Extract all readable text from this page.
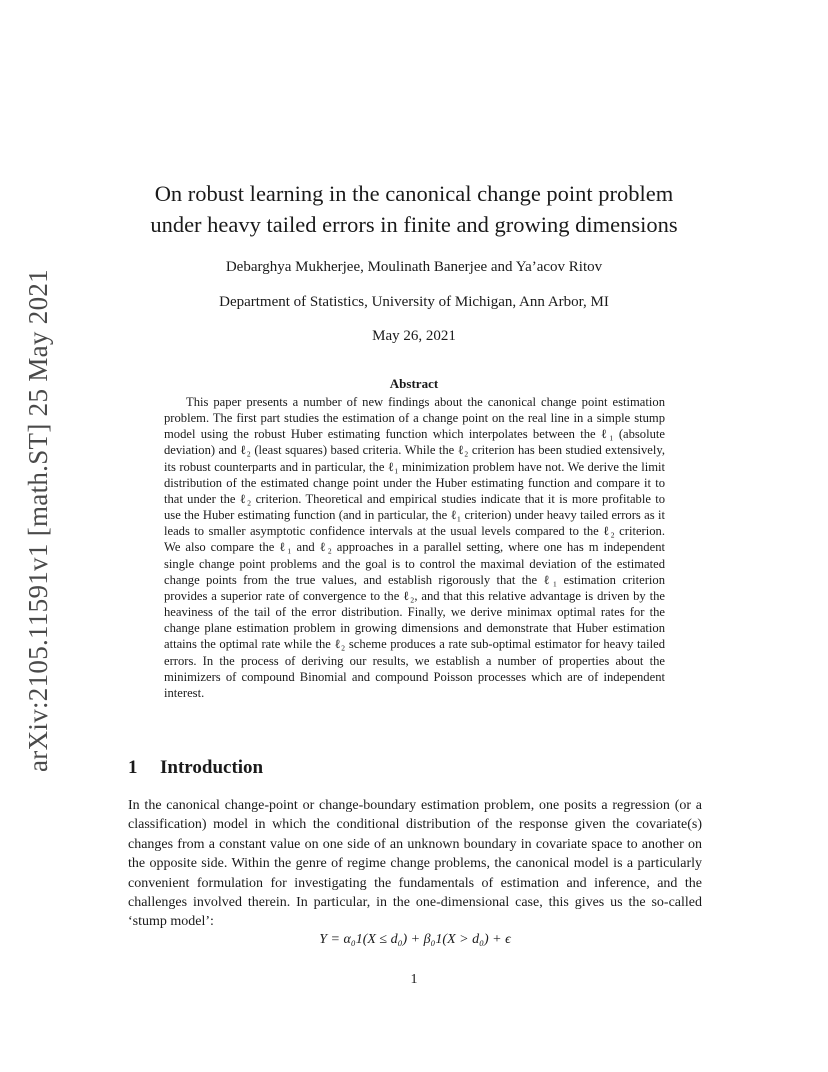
arXiv:2105.11591v1 [math.ST] 25 May 2021
On robust learning in the canonical change point problem
under heavy tailed errors in finite and growing dimensions
Debarghya Mukherjee, Moulinath Banerjee and Ya’acov Ritov
Department of Statistics, University of Michigan, Ann Arbor, MI
May 26, 2021
Abstract
This paper presents a number of new findings about the canonical change point estimation problem. The first part studies the estimation of a change point on the real line in a simple stump model using the robust Huber estimating function which interpolates between the ℓ₁ (absolute deviation) and ℓ₂ (least squares) based criteria. While the ℓ₂ criterion has been studied extensively, its robust counterparts and in particular, the ℓ₁ minimization problem have not. We derive the limit distribution of the estimated change point under the Huber estimating function and compare it to that under the ℓ₂ criterion. Theoretical and empirical studies indicate that it is more profitable to use the Huber estimating function (and in particular, the ℓ₁ criterion) under heavy tailed errors as it leads to smaller asymptotic confidence intervals at the usual levels compared to the ℓ₂ criterion. We also compare the ℓ₁ and ℓ₂ approaches in a parallel setting, where one has m independent single change point problems and the goal is to control the maximal deviation of the estimated change points from the true values, and establish rigorously that the ℓ₁ estimation criterion provides a superior rate of convergence to the ℓ₂, and that this relative advantage is driven by the heaviness of the tail of the error distribution. Finally, we derive minimax optimal rates for the change plane estimation problem in growing dimensions and demonstrate that Huber estimation attains the optimal rate while the ℓ₂ scheme produces a rate sub-optimal estimator for heavy tailed errors. In the process of deriving our results, we establish a number of properties about the minimizers of compound Binomial and compound Poisson processes which are of independent interest.
1 Introduction
In the canonical change-point or change-boundary estimation problem, one posits a regression (or a classification) model in which the conditional distribution of the response given the covariate(s) changes from a constant value on one side of an unknown boundary in covariate space to another on the opposite side. Within the genre of regime change problems, the canonical model is a particularly convenient formulation for investigating the fundamentals of estimation and inference, and the challenges involved therein. In particular, in the one-dimensional case, this gives us the so-called ‘stump model’:
Y = α₀1(X ≤ d₀) + β₀1(X > d₀) + ϵ
1
